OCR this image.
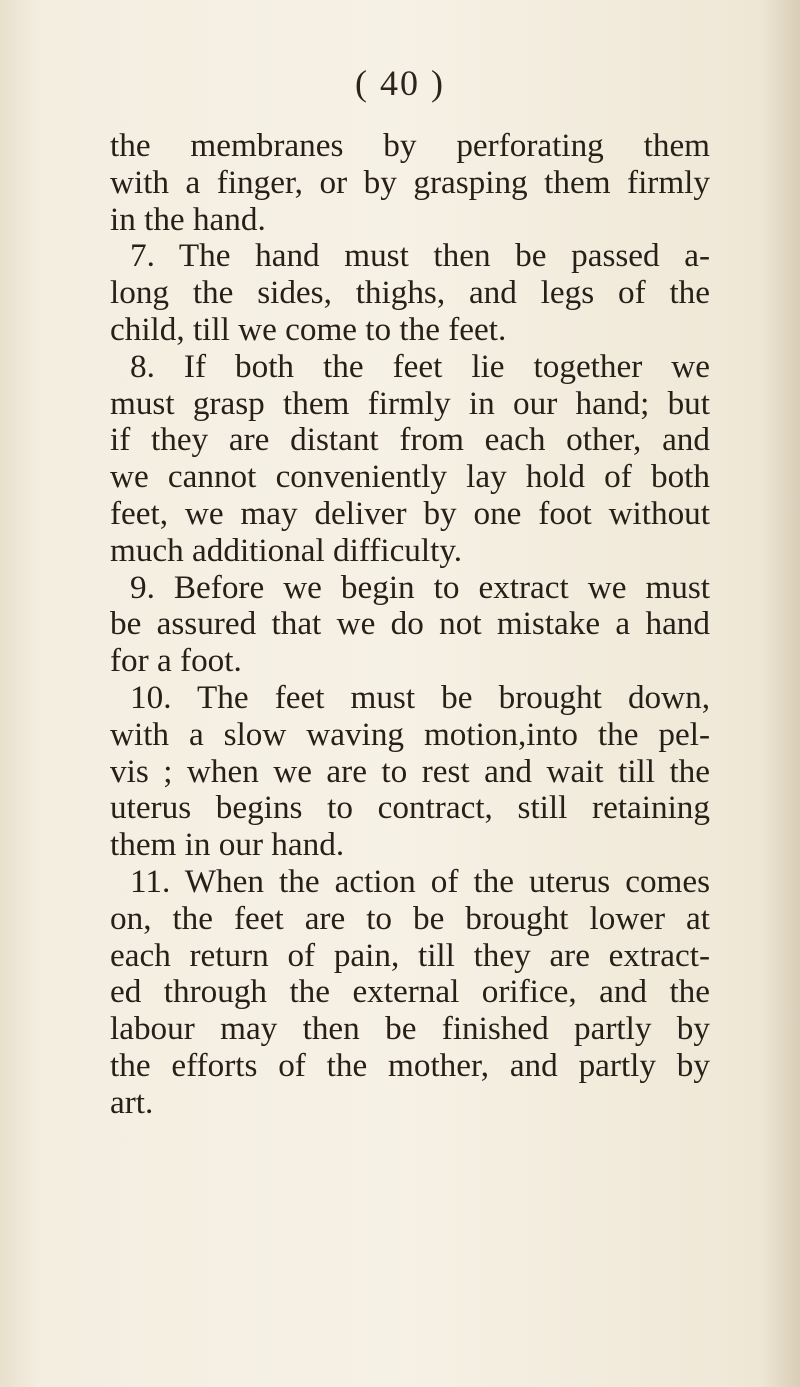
( 40 )
the membranes by perforating them
with a finger, or by grasping them firmly
in the hand.
7. The hand must then be passed a-
long the sides, thighs, and legs of the
child, till we come to the feet.
8. If both the feet lie together we
must grasp them firmly in our hand; but
if they are distant from each other, and
we cannot conveniently lay hold of both
feet, we may deliver by one foot without
much additional difficulty.
9. Before we begin to extract we must
be assured that we do not mistake a hand
for a foot.
10. The feet must be brought down,
with a slow waving motion,into the pel-
vis ; when we are to rest and wait till the
uterus begins to contract, still retaining
them in our hand.
11. When the action of the uterus comes
on, the feet are to be brought lower at
each return of pain, till they are extract-
ed through the external orifice, and the
labour may then be finished partly by
the efforts of the mother, and partly by
art.
